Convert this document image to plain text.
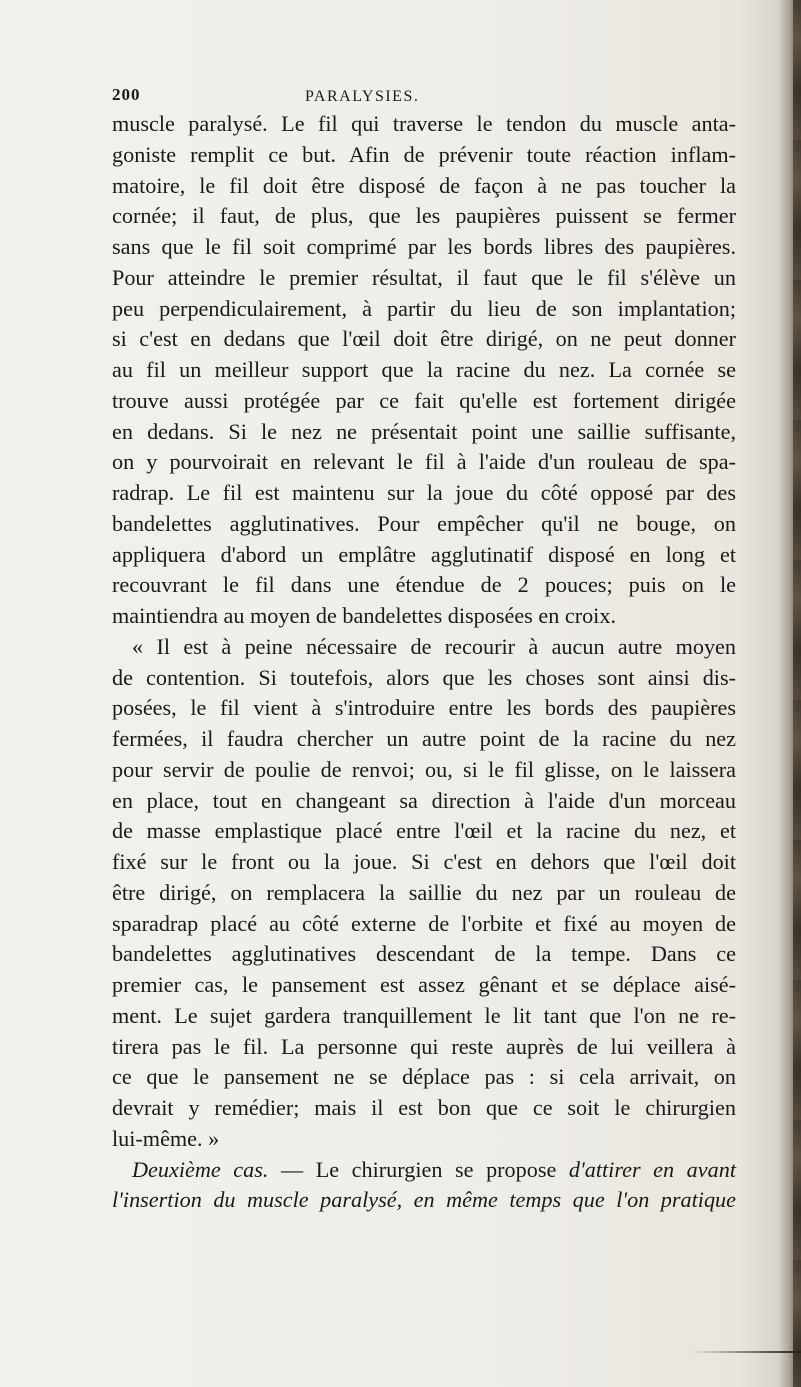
200	PARALYSIES.
muscle paralysé. Le fil qui traverse le tendon du muscle anta-
goniste remplit ce but. Afin de prévenir toute réaction inflam-
matoire, le fil doit être disposé de façon à ne pas toucher la
cornée; il faut, de plus, que les paupières puissent se fermer
sans que le fil soit comprimé par les bords libres des paupières.
Pour atteindre le premier résultat, il faut que le fil s'élève un
peu perpendiculairement, à partir du lieu de son implantation;
si c'est en dedans que l'œil doit être dirigé, on ne peut donner
au fil un meilleur support que la racine du nez. La cornée se
trouve aussi protégée par ce fait qu'elle est fortement dirigée
en dedans. Si le nez ne présentait point une saillie suffisante,
on y pourvoirait en relevant le fil à l'aide d'un rouleau de spa-
radrap. Le fil est maintenu sur la joue du côté opposé par des
bandelettes agglutinatives. Pour empêcher qu'il ne bouge, on
appliquera d'abord un emplâtre agglutinatif disposé en long et
recouvrant le fil dans une étendue de 2 pouces; puis on le
maintiendra au moyen de bandelettes disposées en croix.
« Il est à peine nécessaire de recourir à aucun autre moyen
de contention. Si toutefois, alors que les choses sont ainsi dis-
posées, le fil vient à s'introduire entre les bords des paupières
fermées, il faudra chercher un autre point de la racine du nez
pour servir de poulie de renvoi; ou, si le fil glisse, on le laissera
en place, tout en changeant sa direction à l'aide d'un morceau
de masse emplastique placé entre l'œil et la racine du nez, et
fixé sur le front ou la joue. Si c'est en dehors que l'œil doit
être dirigé, on remplacera la saillie du nez par un rouleau de
sparadrap placé au côté externe de l'orbite et fixé au moyen de
bandelettes agglutinatives descendant de la tempe. Dans ce
premier cas, le pansement est assez gênant et se déplace aisé-
ment. Le sujet gardera tranquillement le lit tant que l'on ne re-
tirera pas le fil. La personne qui reste auprès de lui veillera à
ce que le pansement ne se déplace pas : si cela arrivait, on
devrait y remédier; mais il est bon que ce soit le chirurgien
lui-même. »
Deuxième cas. — Le chirurgien se propose d'attirer en avant
l'insertion du muscle paralysé, en même temps que l'on pratique
